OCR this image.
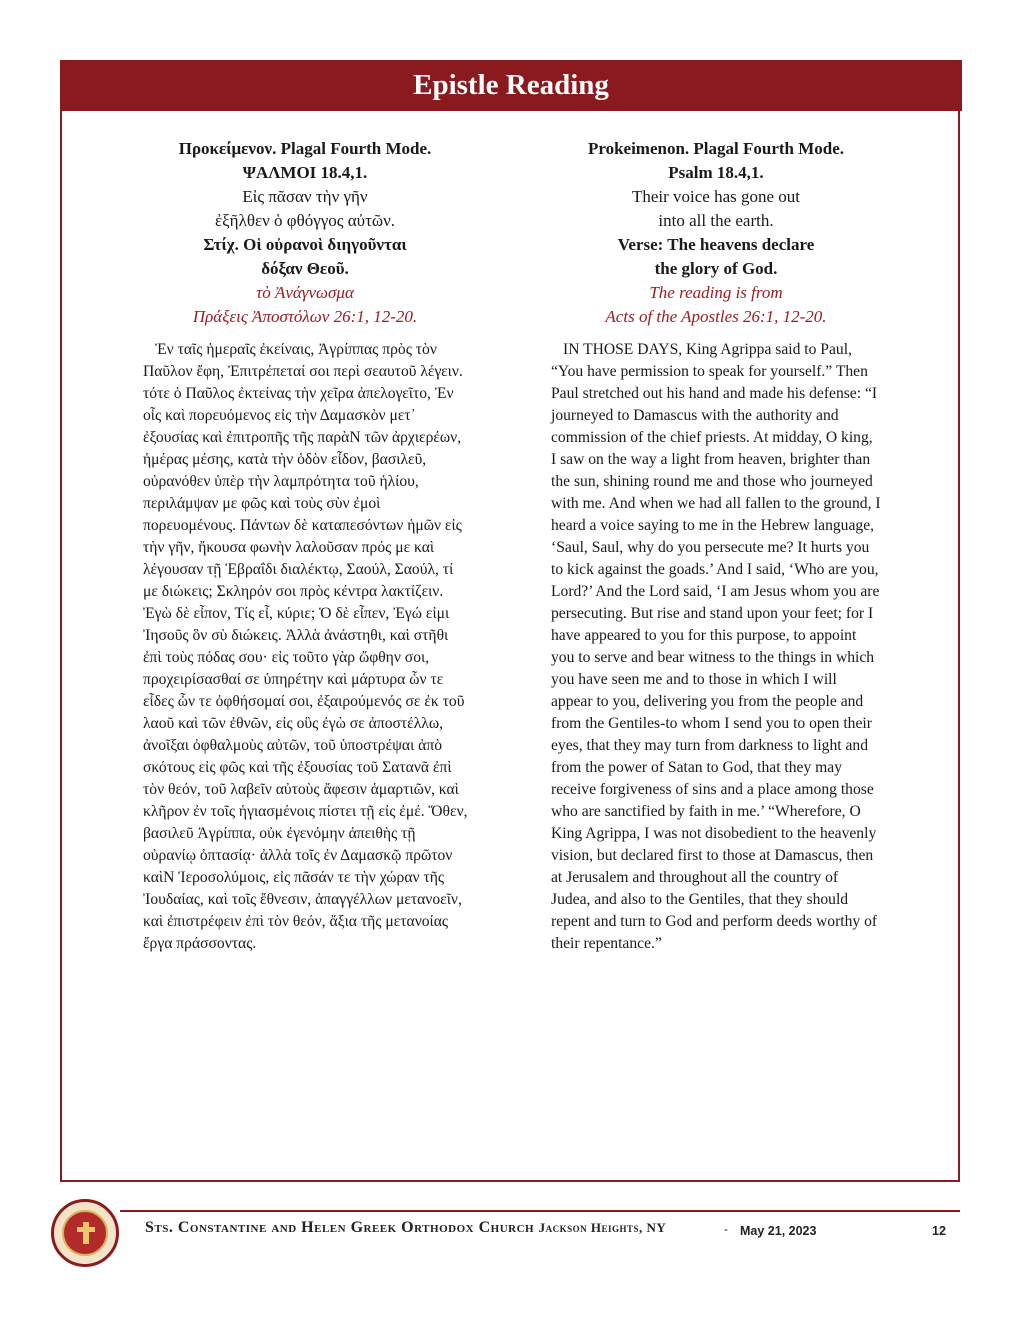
Epistle Reading
Προκείμενον. Plagal Fourth Mode.
ΨΑΛΜΟΙ 18.4,1.
Εἰς πᾶσαν τὴν γῆν
ἐξῆλθεν ὁ φθόγγος αὐτῶν.
Στίχ. Οἱ οὐρανοὶ διηγοῦνται
δόξαν Θεοῦ.
τὸ Ἀνάγνωσμα
Πράξεις Ἀποστόλων 26:1, 12-20.
Ἐν ταῖς ἡμεραῖς ἐκείναις, Ἀγρίππας πρὸς τὸν Παῦλον ἔφη, Ἐπιτρέπεταί σοι περὶ σεαυτοῦ λέγειν. τότε ὁ Παῦλος ἐκτείνας τὴν χεῖρα ἀπελογεῖτο, Ἐν οἷς καὶ πορευόμενος εἰς τὴν Δαμασκὸν μετ᾽ ἐξουσίας καὶ ἐπιτροπῆς τῆς παρὰΝ τῶν ἀρχιερέων, ἡμέρας μέσης, κατὰ τὴν ὁδὸν εἶδον, βασιλεῦ, οὐρανόθεν ὑπὲρ τὴν λαμπρότητα τοῦ ἡλίου, περιλάμψαν με φῶς καὶ τοὺς σὺν ἐμοὶ πορευομένους. Πάντων δὲ καταπεσόντων ἡμῶν εἰς τὴν γῆν, ἤκουσα φωνὴν λαλοῦσαν πρός με καὶ λέγουσαν τῇ Ἑβραΐδι διαλέκτῳ, Σαούλ, Σαούλ, τί με διώκεις; Σκληρόν σοι πρὸς κέντρα λακτίζειν. Ἐγὼ δὲ εἶπον, Τίς εἶ, κύριε; Ὁ δὲ εἶπεν, Ἐγώ εἰμι Ἰησοῦς ὃν σὺ διώκεις. Ἀλλὰ ἀνάστηθι, καὶ στῆθι ἐπὶ τοὺς πόδας σου· εἰς τοῦτο γὰρ ὤφθην σοι, προχειρίσασθαί σε ὑπηρέτην καὶ μάρτυρα ὧν τε εἶδες ὧν τε ὀφθήσομαί σοι, ἐξαιρούμενός σε ἐκ τοῦ λαοῦ καὶ τῶν ἐθνῶν, εἰς οὓς ἐγὼ σε ἀποστέλλω, ἀνοῖξαι ὀφθαλμοὺς αὐτῶν, τοῦ ὑποστρέψαι ἀπὸ σκότους εἰς φῶς καὶ τῆς ἐξουσίας τοῦ Σατανᾶ ἐπὶ τὸν θεόν, τοῦ λαβεῖν αὐτοὺς ἄφεσιν ἁμαρτιῶν, καὶ κλῆρον ἐν τοῖς ἡγιασμένοις πίστει τῇ εἰς ἐμέ. Ὅθεν, βασιλεῦ Ἀγρίππα, οὐκ ἐγενόμην ἀπειθὴς τῇ οὐρανίῳ ὀπτασίᾳ· ἀλλὰ τοῖς ἐν Δαμασκῷ πρῶτον καὶΝ Ἱεροσολύμοις, εἰς πᾶσάν τε τὴν χώραν τῆς Ἰουδαίας, καὶ τοῖς ἔθνεσιν, ἀπαγγέλλων μετανοεῖν, καὶ ἐπιστρέφειν ἐπὶ τὸν θεόν, ἄξια τῆς μετανοίας ἔργα πράσσοντας.
Prokeimenon. Plagal Fourth Mode.
Psalm 18.4,1.
Their voice has gone out
into all the earth.
Verse: The heavens declare
the glory of God.
The reading is from
Acts of the Apostles 26:1, 12-20.
IN THOSE DAYS, King Agrippa said to Paul, “You have permission to speak for yourself.” Then Paul stretched out his hand and made his defense: “I journeyed to Damascus with the authority and commission of the chief priests. At midday, O king, I saw on the way a light from heaven, brighter than the sun, shining round me and those who journeyed with me. And when we had all fallen to the ground, I heard a voice saying to me in the Hebrew language, ‘Saul, Saul, why do you persecute me? It hurts you to kick against the goads.’ And I said, ‘Who are you, Lord?’ And the Lord said, ‘I am Jesus whom you are persecuting. But rise and stand upon your feet; for I have appeared to you for this purpose, to appoint you to serve and bear witness to the things in which you have seen me and to those in which I will appear to you, delivering you from the people and from the Gentiles-to whom I send you to open their eyes, that they may turn from darkness to light and from the power of Satan to God, that they may receive forgiveness of sins and a place among those who are sanctified by faith in me.’ “Wherefore, O King Agrippa, I was not disobedient to the heavenly vision, but declared first to those at Damascus, then at Jerusalem and throughout all the country of Judea, and also to the Gentiles, that they should repent and turn to God and perform deeds worthy of their repentance.”
Sts. Constantine and Helen Greek Orthodox Church Jackson Heights, NY	- May 21, 2023	12
